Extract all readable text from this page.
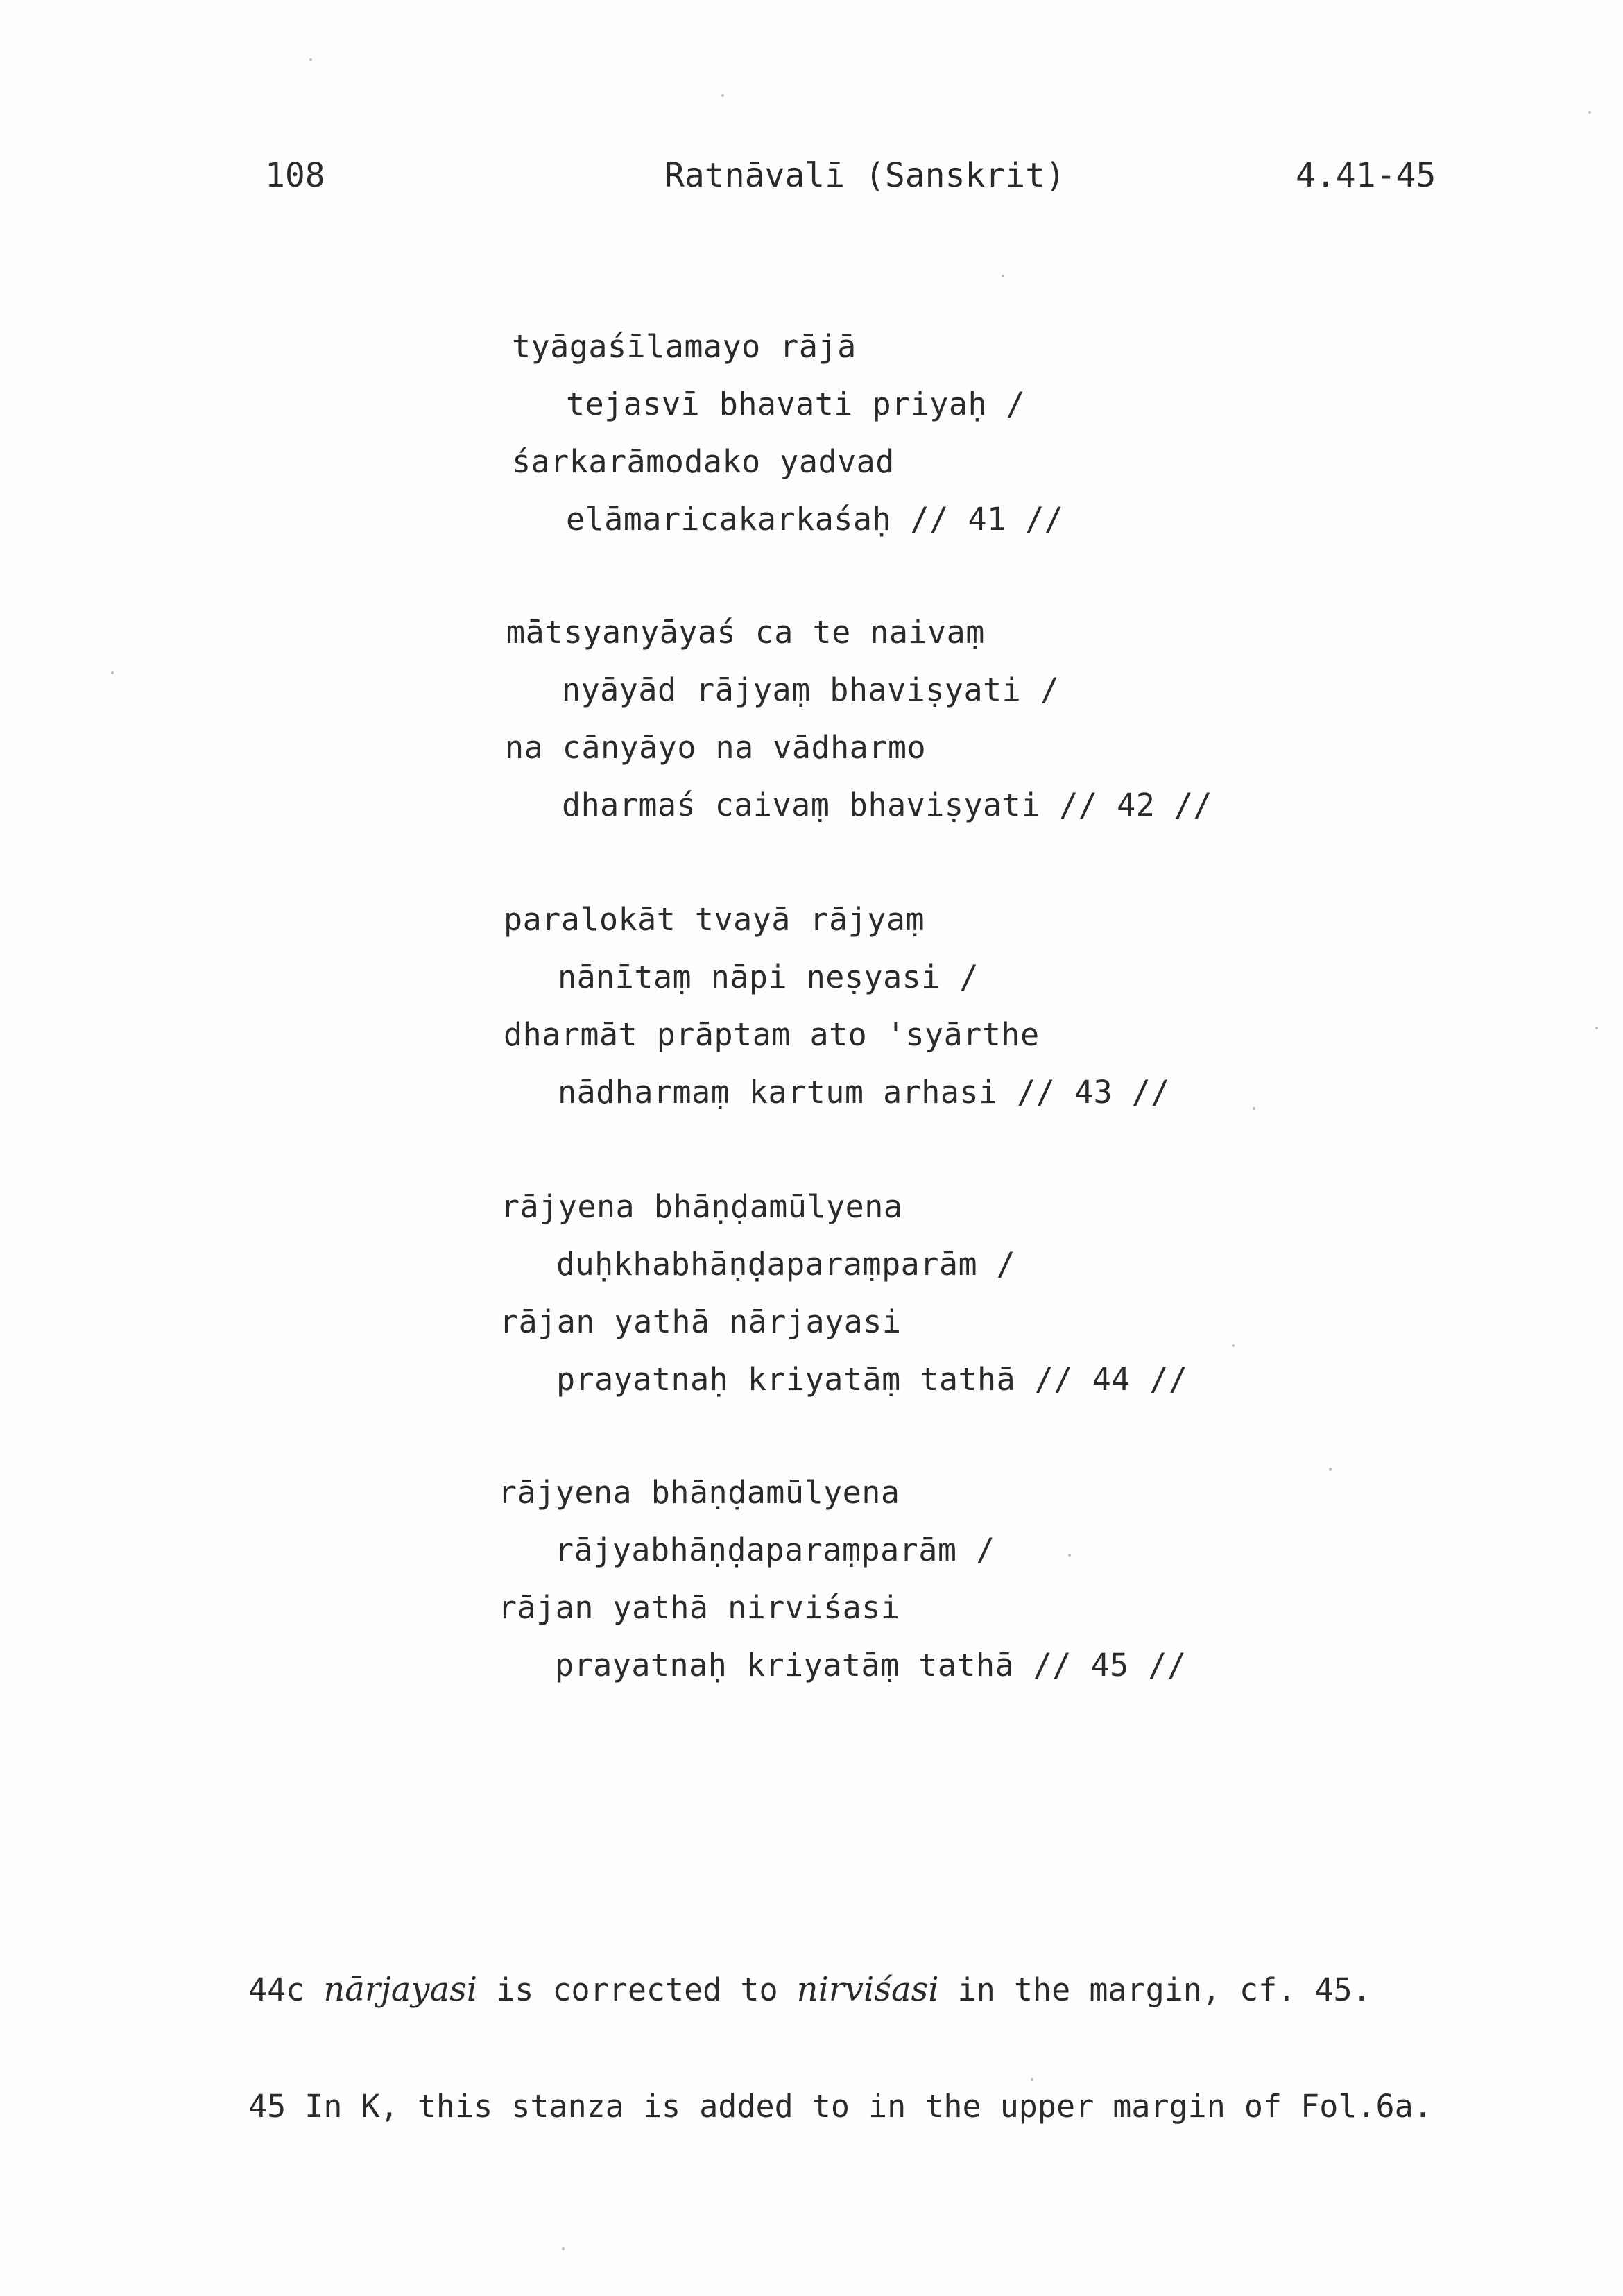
108	Ratnāvalī (Sanskrit)	4.41-45
tyāgaśīlamayo rājā
tejasvī bhavati priyaḥ /
śarkarāmodako yadvad
elāmaricakarkaśaḥ // 41 //
mātsyanyāyaś ca te naivaṃ
nyāyād rājyaṃ bhaviṣyati /
na cānyāyo na vādharmo
dharmaś caivaṃ bhaviṣyati // 42 //
paralokāt tvayā rājyaṃ
nānītaṃ nāpi neṣyasi /
dharmāt prāptam ato 'syārthe
nādharmaṃ kartum arhasi // 43 //
rājyena bhāṇḍamūlyena
duḥkhabhāṇḍaparaṃparām /
rājan yathā nārjayasi
prayatnaḥ kriyatāṃ tathā // 44 //
rājyena bhāṇḍamūlyena
rājyabhāṇḍaparaṃparām /
rājan yathā nirviśasi
prayatnaḥ kriyatāṃ tathā // 45 //

44c nārjayasi is corrected to nirviśasi in the margin, cf. 45.

45 In K, this stanza is added to in the upper margin of Fol.6a.
